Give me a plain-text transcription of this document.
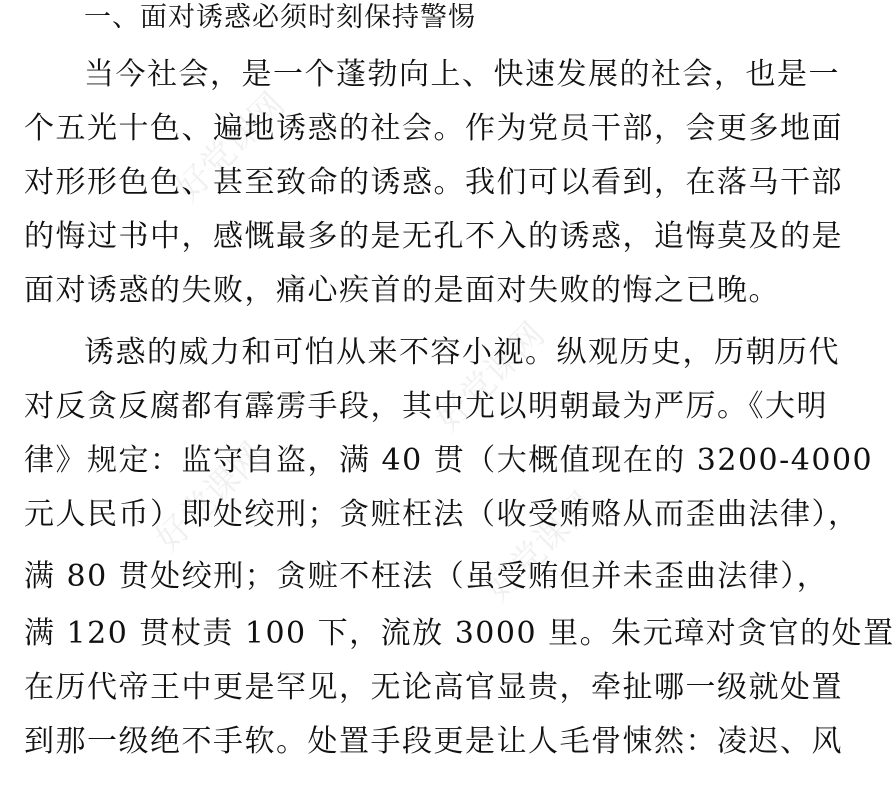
好党课网
好党课网
好党课网	好党课网
一、面对诱惑必须时刻保持警惕

当今社会，是一个蓬勃向上、快速发展的社会，也是一

个五光十色、遍地诱惑的社会。作为党员干部，会更多地面

对形形色色、甚至致命的诱惑。我们可以看到，在落马干部

的悔过书中，感慨最多的是无孔不入的诱惑，追悔莫及的是

面对诱惑的失败，痛心疾首的是面对失败的悔之已晚。

诱惑的威力和可怕从来不容小视。纵观历史，历朝历代

对反贪反腐都有霹雳手段，其中尤以明朝最为严厉。《大明

律》规定：监守自盗，满 40 贯（大概值现在的 3200-4000

元人民币）即处绞刑；贪赃枉法（收受贿赂从而歪曲法律），

满 80 贯处绞刑；贪赃不枉法（虽受贿但并未歪曲法律），

满 120 贯杖责 100 下，流放 3000 里。朱元璋对贪官的处置

在历代帝王中更是罕见，无论高官显贵，牵扯哪一级就处置

到那一级绝不手软。处置手段更是让人毛骨悚然：凌迟、风
